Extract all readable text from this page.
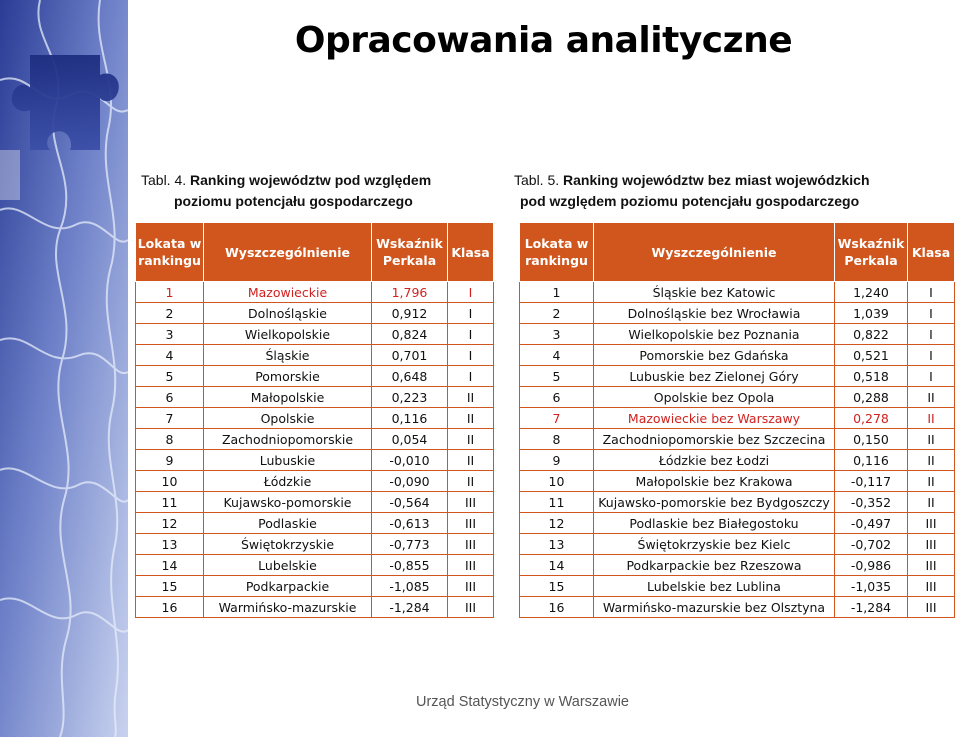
Opracowania analityczne
Tabl. 4. Ranking województw pod względem
poziomu potencjału gospodarczego
Tabl. 5. Ranking województw bez miast wojewódzkich
pod względem poziomu potencjału gospodarczego
Lokata w rankingu	Wyszczególnienie	Wskaźnik Perkala	Klasa
1	Mazowieckie	1,796	I
2	Dolnośląskie	0,912	I
3	Wielkopolskie	0,824	I
4	Śląskie	0,701	I
5	Pomorskie	0,648	I
6	Małopolskie	0,223	II
7	Opolskie	0,116	II
8	Zachodniopomorskie	0,054	II
9	Lubuskie	-0,010	II
10	Łódzkie	-0,090	II
11	Kujawsko-pomorskie	-0,564	III
12	Podlaskie	-0,613	III
13	Świętokrzyskie	-0,773	III
14	Lubelskie	-0,855	III
15	Podkarpackie	-1,085	III
16	Warmińsko-mazurskie	-1,284	III
Lokata w rankingu	Wyszczególnienie	Wskaźnik Perkala	Klasa
1	Śląskie bez Katowic	1,240	I
2	Dolnośląskie bez Wrocławia	1,039	I
3	Wielkopolskie bez Poznania	0,822	I
4	Pomorskie bez Gdańska	0,521	I
5	Lubuskie bez Zielonej Góry	0,518	I
6	Opolskie bez Opola	0,288	II
7	Mazowieckie bez Warszawy	0,278	II
8	Zachodniopomorskie bez Szczecina	0,150	II
9	Łódzkie bez Łodzi	0,116	II
10	Małopolskie bez Krakowa	-0,117	II
11	Kujawsko-pomorskie bez Bydgoszczy	-0,352	II
12	Podlaskie bez Białegostoku	-0,497	III
13	Świętokrzyskie bez Kielc	-0,702	III
14	Podkarpackie bez Rzeszowa	-0,986	III
15	Lubelskie bez Lublina	-1,035	III
16	Warmińsko-mazurskie bez Olsztyna	-1,284	III
Urząd Statystyczny w Warszawie
